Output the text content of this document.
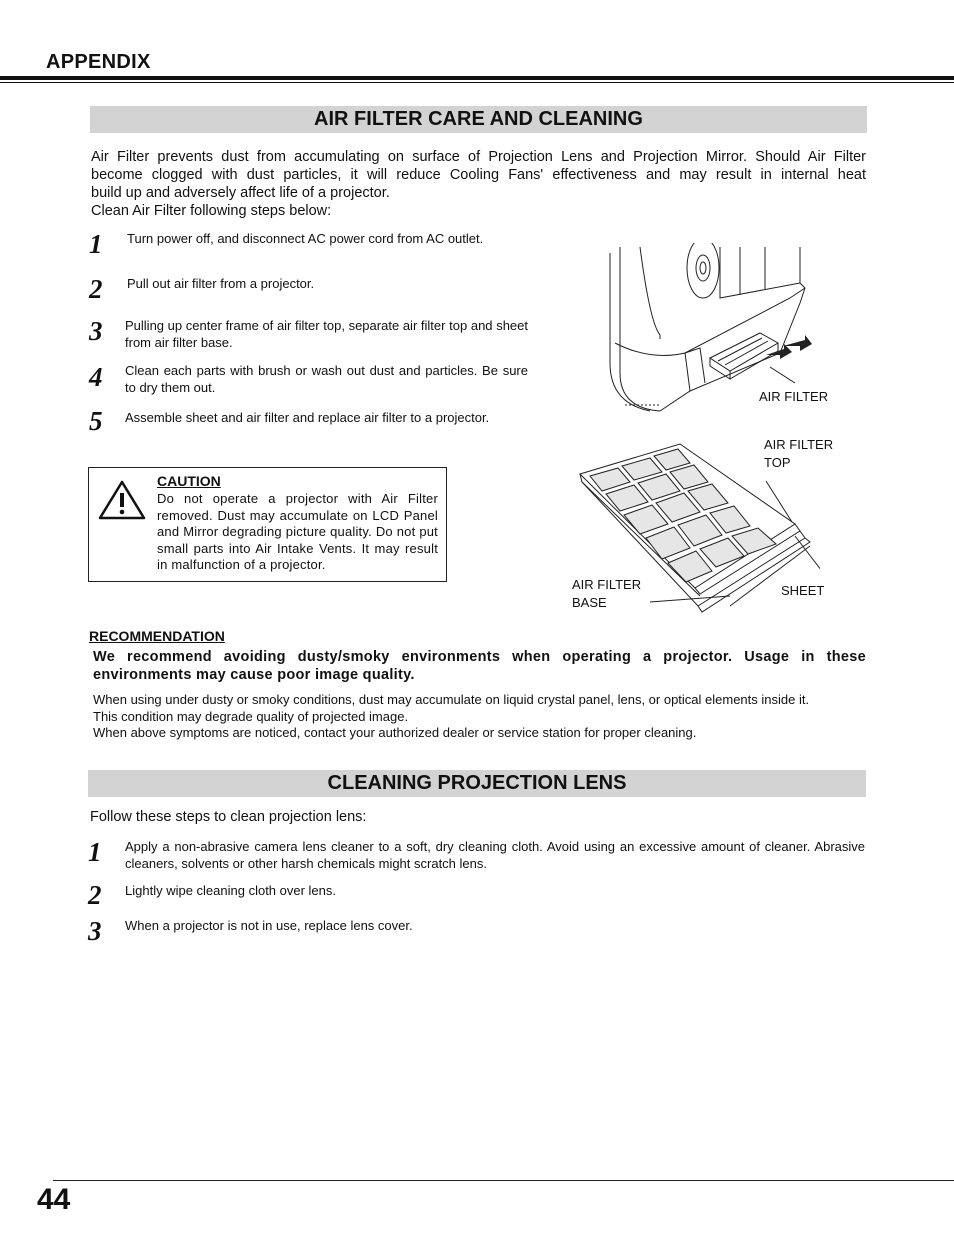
APPENDIX
AIR FILTER CARE AND CLEANING
Air Filter prevents dust from accumulating on surface of Projection Lens and Projection Mirror. Should Air Filter
become clogged with dust particles, it will reduce Cooling Fans' effectiveness and may result in internal heat
build up and adversely affect life of a projector.
Clean Air Filter following steps below:
1 Turn power off, and disconnect AC power cord from AC outlet.
2 Pull out air filter from a projector.
3 Pulling up center frame of air filter top, separate air filter top and sheet from air filter base.
4 Clean each parts with brush or wash out dust and particles. Be sure to dry them out.
5 Assemble sheet and air filter and replace air filter to a projector.
CAUTION
Do not operate a projector with Air Filter removed. Dust may accumulate on LCD Panel and Mirror degrading picture quality. Do not put small parts into Air Intake Vents. It may result in malfunction of a projector.
AIR FILTER
AIR FILTER
TOP
AIR FILTER
BASE
SHEET
RECOMMENDATION
We recommend avoiding dusty/smoky environments when operating a projector. Usage in these environments may cause poor image quality.
When using under dusty or smoky conditions, dust may accumulate on liquid crystal panel, lens, or optical elements inside it.
This condition may degrade quality of projected image.
When above symptoms are noticed, contact your authorized dealer or service station for proper cleaning.
CLEANING PROJECTION LENS
Follow these steps to clean projection lens:
1 Apply a non-abrasive camera lens cleaner to a soft, dry cleaning cloth. Avoid using an excessive amount of cleaner. Abrasive cleaners, solvents or other harsh chemicals might scratch lens.
2 Lightly wipe cleaning cloth over lens.
3 When a projector is not in use, replace lens cover.
44
